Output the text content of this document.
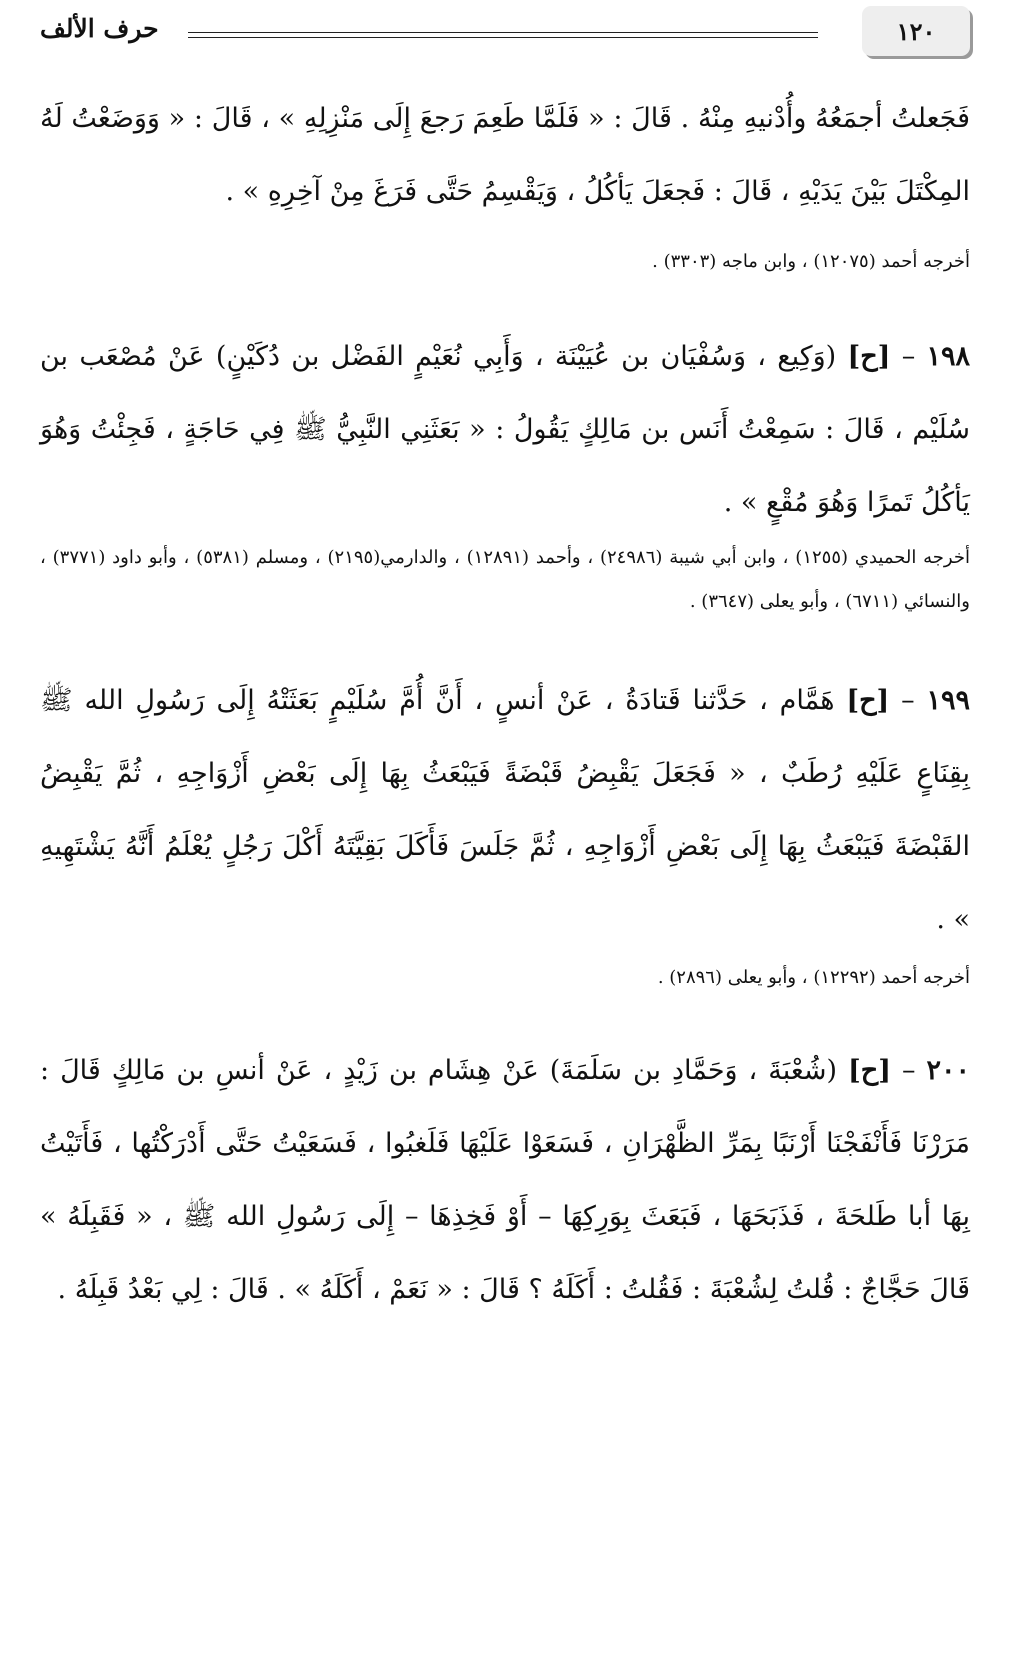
١٢٠
حرف الألف

فَجَعلتُ أجمَعُهُ وأُدْنيهِ مِنْهُ . قَالَ : « فَلَمَّا طَعِمَ رَجعَ إِلَى مَنْزِلِهِ » ، قَالَ : « وَوَضَعْتُ لَهُ المِكْتَلَ بَيْنَ يَدَيْهِ ، قَالَ : فَجعَلَ يَأكُلُ ، وَيَقْسِمُ حَتَّى فَرَغَ مِنْ آخِرِهِ » .

أخرجه أحمد (١٢٠٧٥) ، وابن ماجه (٣٣٠٣) .

١٩٨ – [ح] (وَكِيع ، وَسُفْيَان بن عُيَيْنَة ، وَأَبِي نُعَيْمٍ الفَضْل بن دُكَيْنٍ) عَنْ مُصْعَب بن سُلَيْم ، قَالَ : سَمِعْتُ أَنَس بن مَالِكٍ يَقُولُ : « بَعَثَنِي النَّبِيُّ ﷺ فِي حَاجَةٍ ، فَجِئْتُ وَهُوَ يَأكُلُ تَمرًا وَهُوَ مُقْعٍ » .

أخرجه الحميدي (١٢٥٥) ، وابن أبي شيبة (٢٤٩٨٦) ، وأحمد (١٢٨٩١) ، والدارمي(٢١٩٥) ، ومسلم (٥٣٨١) ، وأبو داود (٣٧٧١) ، والنسائي (٦٧١١) ، وأبو يعلى (٣٦٤٧) .

١٩٩ – [ح] هَمَّام ، حَدَّثنا قَتادَةُ ، عَنْ أنسٍ ، أَنَّ أُمَّ سُلَيْمٍ بَعَثَتْهُ إِلَى رَسُولِ الله ﷺ بِقِنَاعٍ عَلَيْهِ رُطَبٌ ، « فَجَعَلَ يَقْبِضُ قَبْضَةً فَيَبْعَثُ بِهَا إِلَى بَعْضِ أَزْوَاجِهِ ، ثُمَّ يَقْبِضُ القَبْضَةَ فَيَبْعَثُ بِهَا إِلَى بَعْضِ أَزْوَاجِهِ ، ثُمَّ جَلَسَ فَأَكَلَ بَقِيَّتَهُ أَكْلَ رَجُلٍ يُعْلَمُ أَنَّهُ يَشْتَهِيهِ » .

أخرجه أحمد (١٢٢٩٢) ، وأبو يعلى (٢٨٩٦) .

٢٠٠ – [ح] (شُعْبَةَ ، وَحَمَّادِ بن سَلَمَةَ) عَنْ هِشَام بن زَيْدٍ ، عَنْ أنسِ بن مَالِكٍ قَالَ : مَرَرْنَا فَأَنْفَجْنَا أَرْنَبًا بِمَرِّ الظَّهْرَانِ ، فَسَعَوْا عَلَيْهَا فَلَغبُوا ، فَسَعَيْتُ حَتَّى أَدْرَكْتُها ، فَأَتَيْتُ بِهَا أبا طَلحَةَ ، فَذَبَحَهَا ، فَبَعَثَ بِوَرِكِهَا – أَوْ فَخِذِهَا – إِلَى رَسُولِ الله ﷺ ، « فَقَبِلَهُ » قَالَ حَجَّاجٌ : قُلتُ لِشُعْبَةَ : فَقُلتُ : أَكَلَهُ ؟ قَالَ : « نَعَمْ ، أَكَلَهُ » . قَالَ : لِي بَعْدُ قَبِلَهُ .
